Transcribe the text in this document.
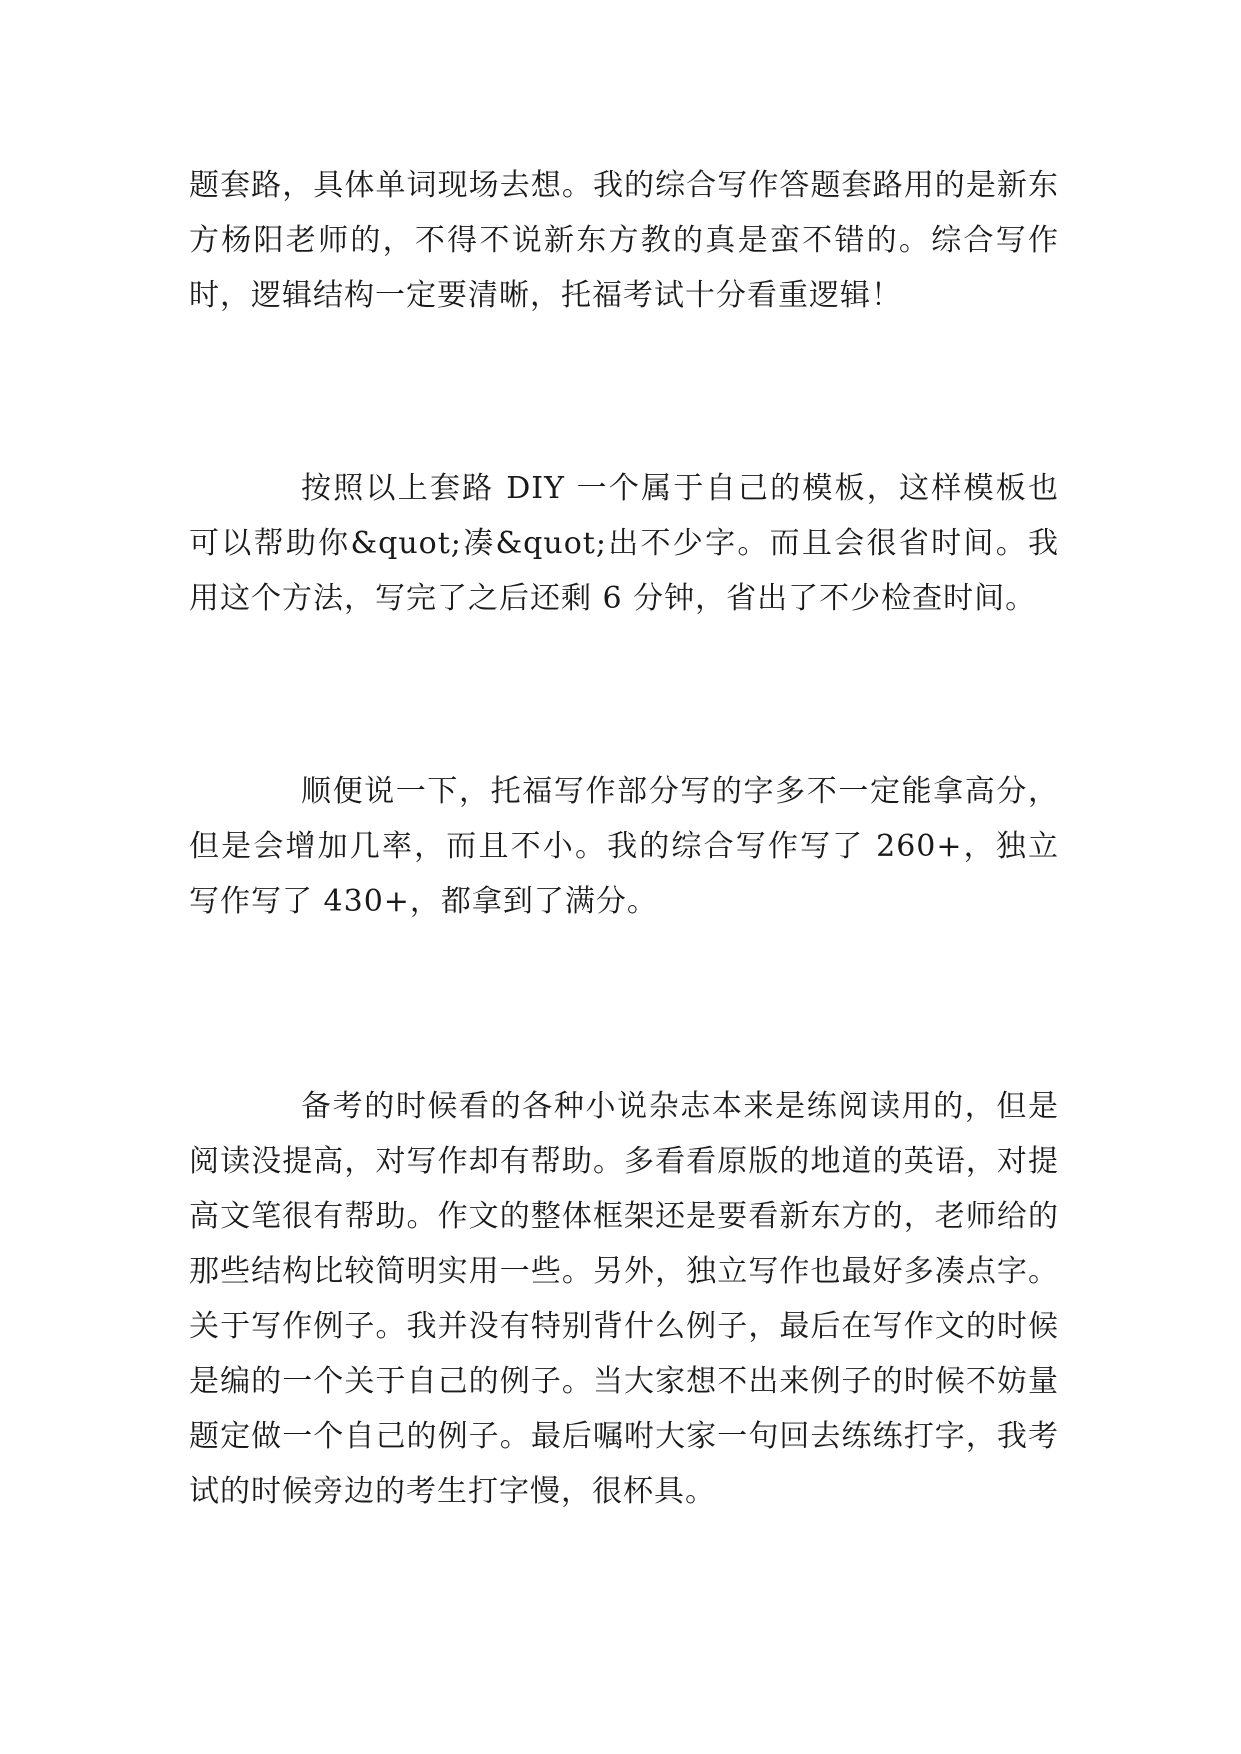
题套路，具体单词现场去想。我的综合写作答题套路用的是新东方杨阳老师的，不得不说新东方教的真是蛮不错的。综合写作时，逻辑结构一定要清晰，托福考试十分看重逻辑！

按照以上套路 DIY 一个属于自己的模板，这样模板也可以帮助你&quot;凑&quot;出不少字。而且会很省时间。我用这个方法，写完了之后还剩 6 分钟，省出了不少检查时间。

顺便说一下，托福写作部分写的字多不一定能拿高分，但是会增加几率，而且不小。我的综合写作写了 260+，独立写作写了 430+，都拿到了满分。

备考的时候看的各种小说杂志本来是练阅读用的，但是阅读没提高，对写作却有帮助。多看看原版的地道的英语，对提高文笔很有帮助。作文的整体框架还是要看新东方的，老师给的那些结构比较简明实用一些。另外，独立写作也最好多凑点字。关于写作例子。我并没有特别背什么例子，最后在写作文的时候是编的一个关于自己的例子。当大家想不出来例子的时候不妨量题定做一个自己的例子。最后嘱咐大家一句回去练练打字，我考试的时候旁边的考生打字慢，很杯具。
